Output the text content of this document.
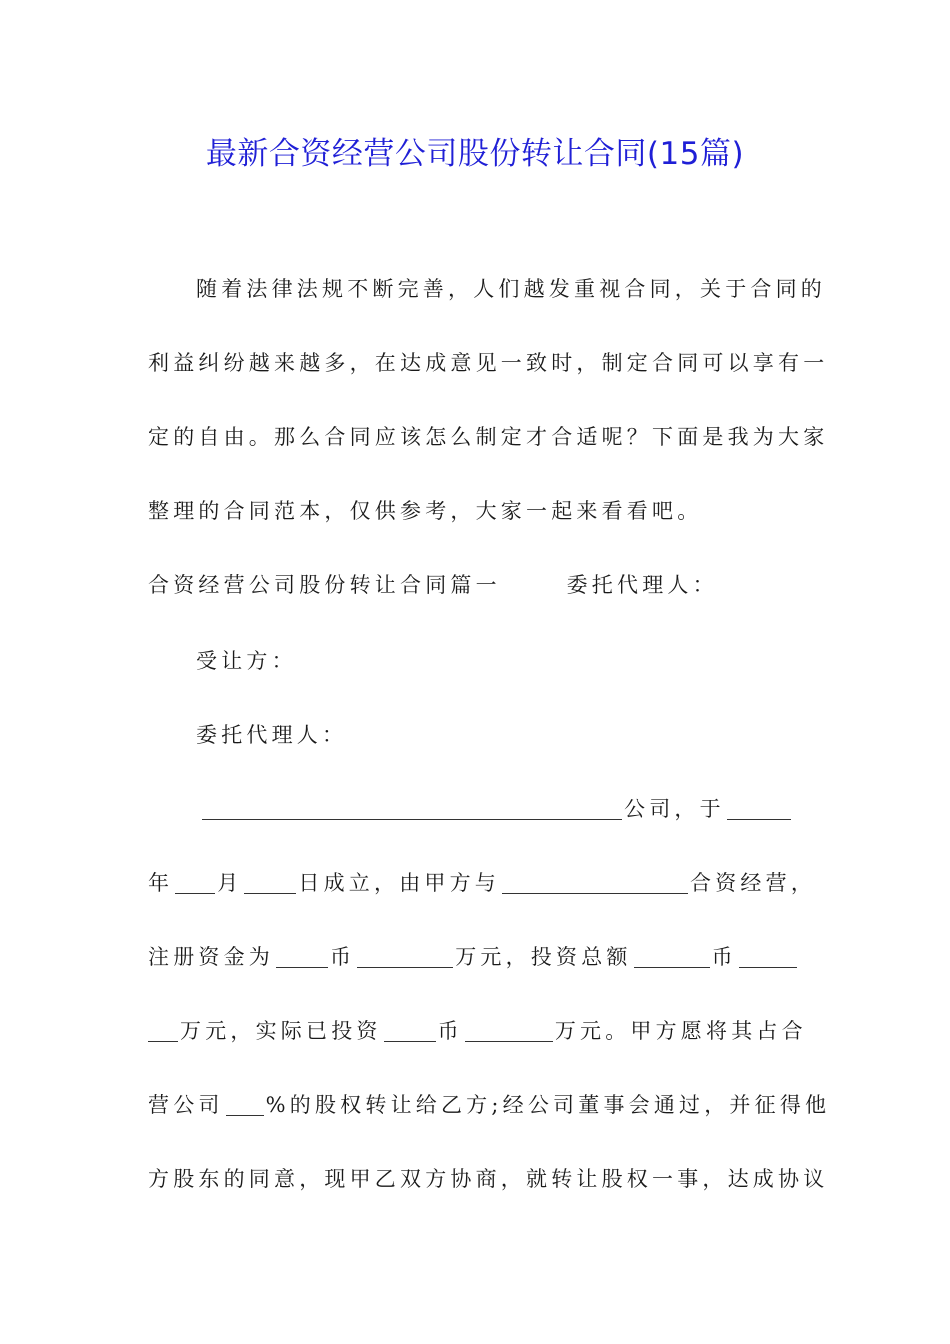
最新合资经营公司股份转让合同(15篇)
随着法律法规不断完善，人们越发重视合同，关于合同的
利益纠纷越来越多，在达成意见一致时，制定合同可以享有一
定的自由。那么合同应该怎么制定才合适呢？下面是我为大家
整理的合同范本，仅供参考，大家一起来看看吧。
合资经营公司股份转让合同篇一	委托代理人：
受让方：
委托代理人：
公司，于
年 月	日成立，由甲方与	合资经营，
注册资金为	币	万元，投资总额	币
万元，实际已投资	币	万元。甲方愿将其占合
营公司 %的股权转让给乙方;经公司董事会通过，并征得他
方股东的同意，现甲乙双方协商，就转让股权一事，达成协议
